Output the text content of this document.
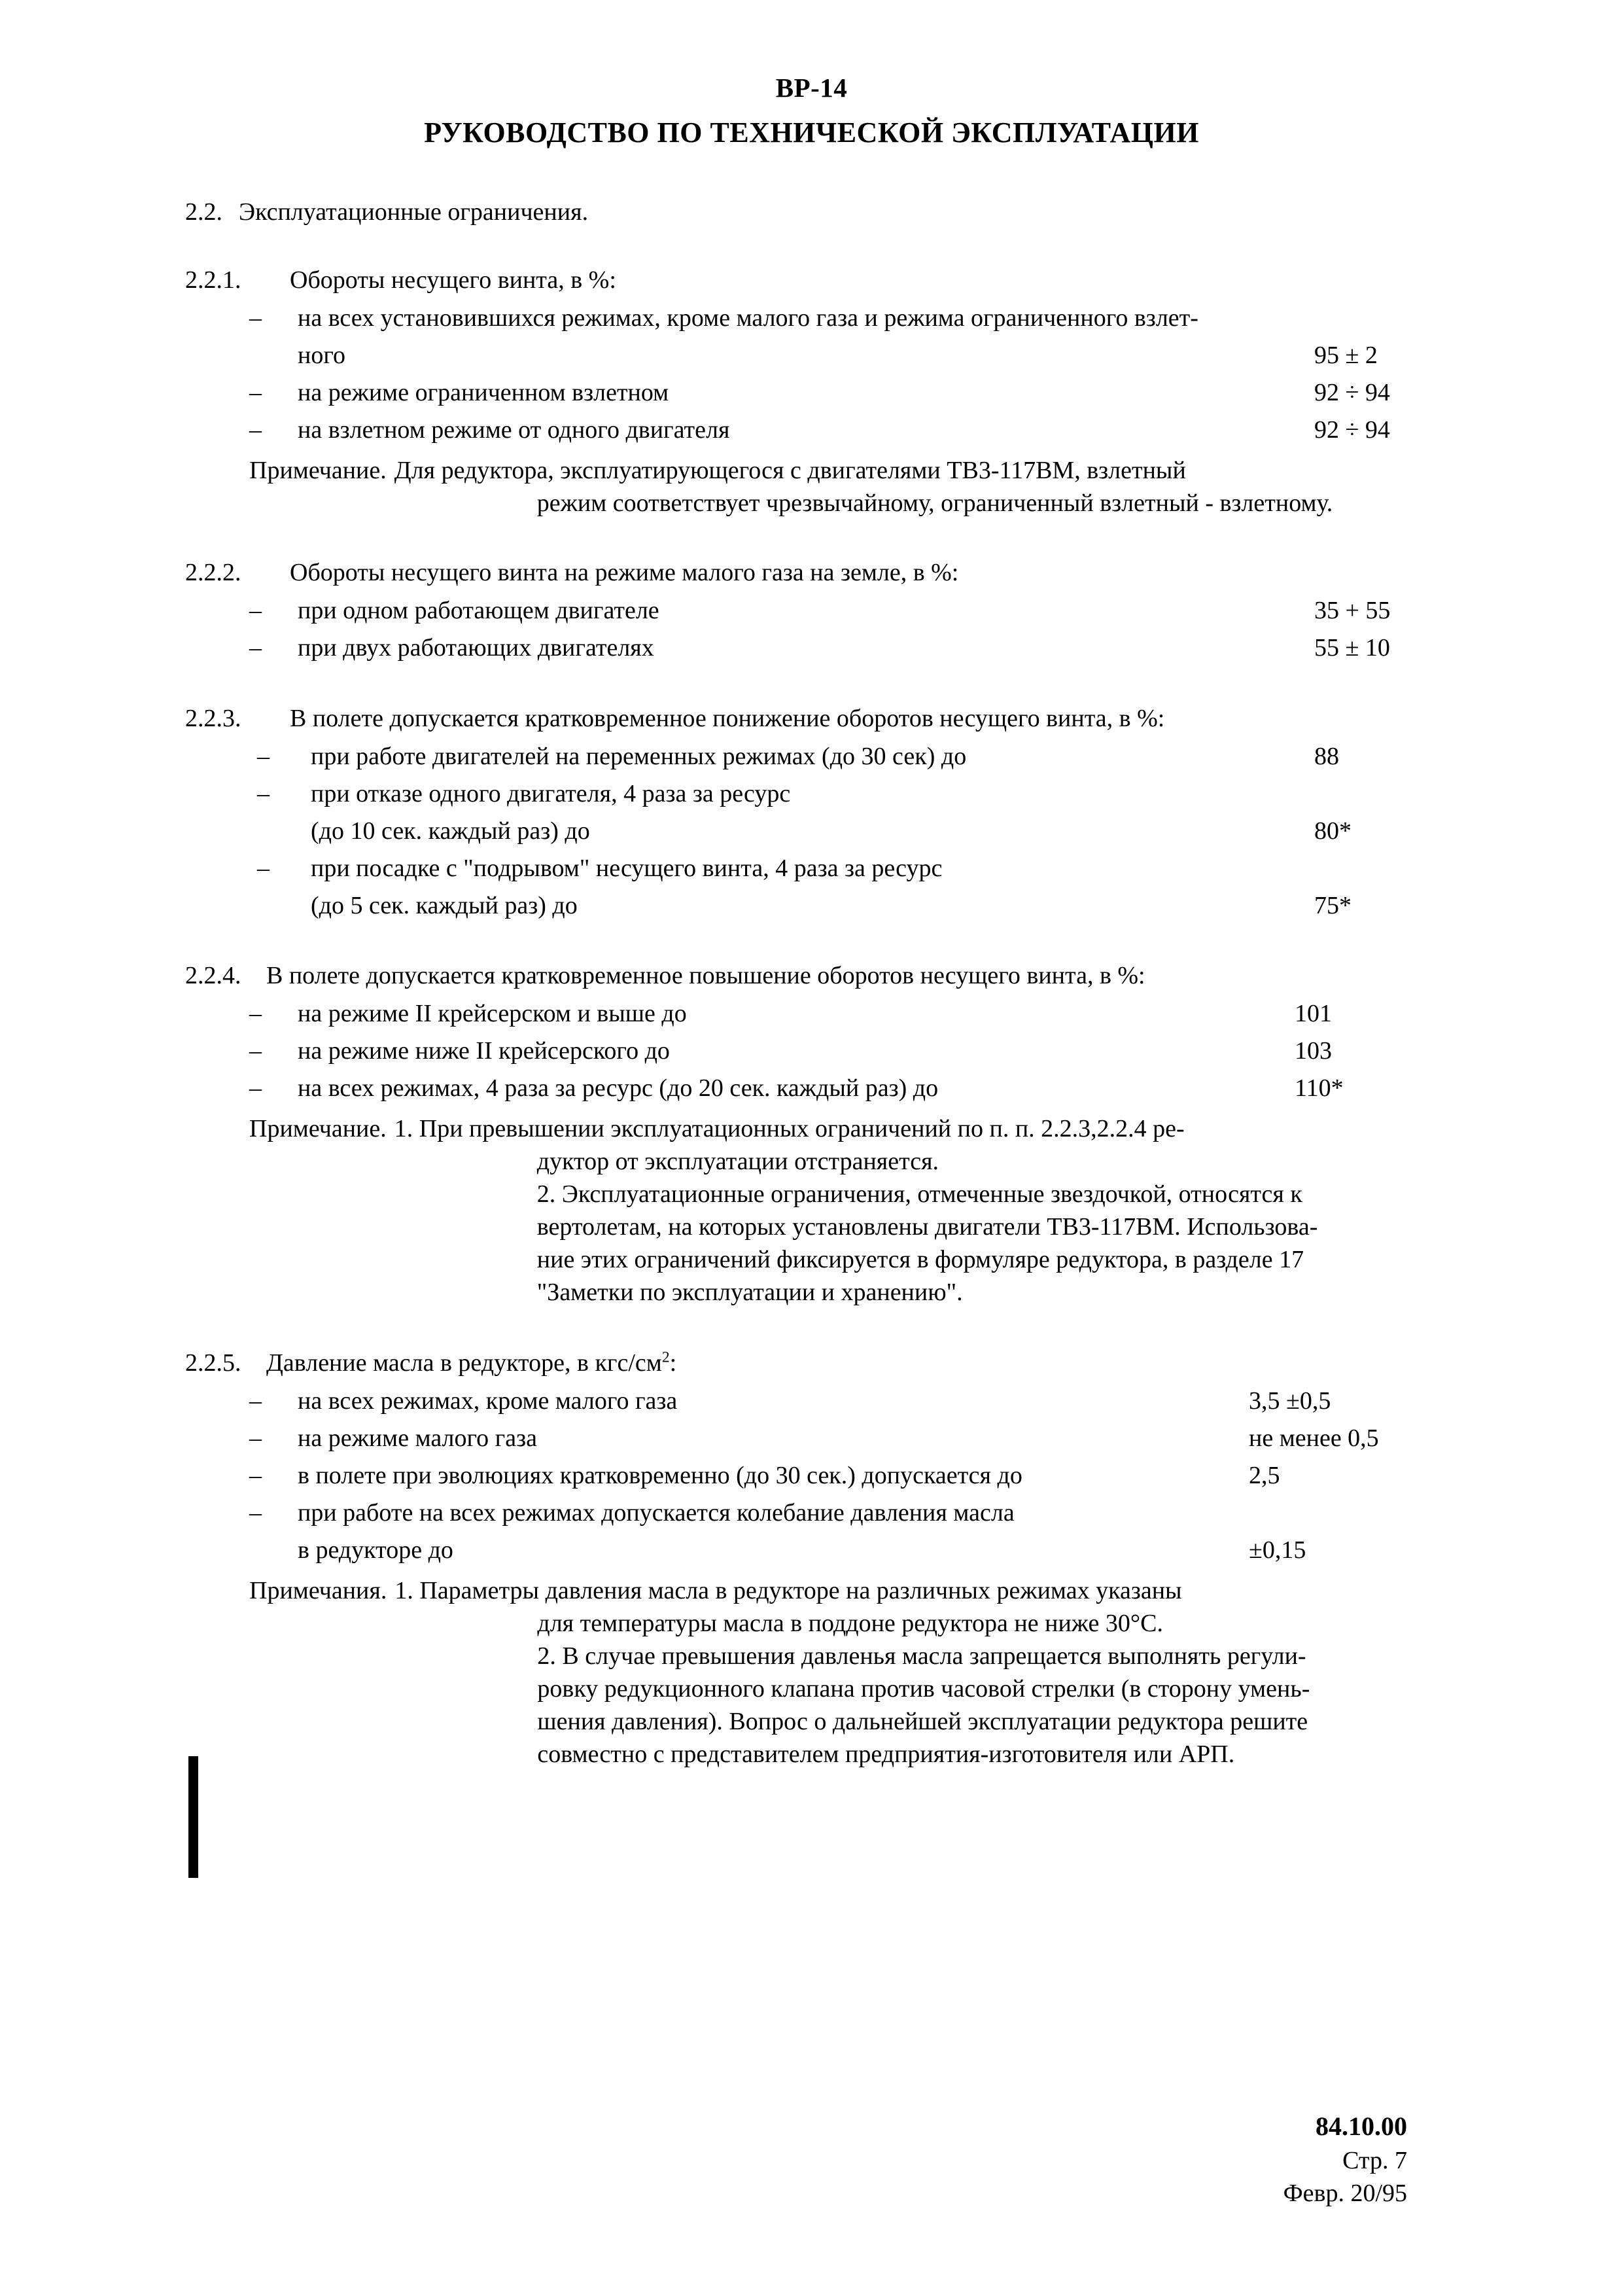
ВР-14
РУКОВОДСТВО ПО ТЕХНИЧЕСКОЙ ЭКСПЛУАТАЦИИ
2.2. Эксплуатационные ограничения.
2.2.1.	Обороты несущего винта, в %:
–	на всех установившихся режимах, кроме малого газа и режима ограниченного взлет-
ного	95 ± 2
–	на режиме ограниченном взлетном	92 ÷ 94
–	на взлетном режиме от одного двигателя	92 ÷ 94
Примечание. Для редуктора, эксплуатирующегося с двигателями ТВ3-117ВМ, взлетный

режим соответствует чрезвычайному, ограниченный взлетный - взлетному.

2.2.2.	Обороты несущего винта на режиме малого газа на земле, в %:
–	при одном работающем двигателе	35 + 55
–	при двух работающих двигателях	55 ± 10
2.2.3.	В полете допускается кратковременное понижение оборотов несущего винта, в %:
–	при работе двигателей на переменных режимах (до 30 сек) до	88
–	при отказе одного двигателя, 4 раза за ресурс
(до 10 сек. каждый раз) до	80*
–	при посадке с "подрывом" несущего винта, 4 раза за ресурс
(до 5 сек. каждый раз) до	75*
2.2.4.	В полете допускается кратковременное повышение оборотов несущего винта, в %:
–	на режиме II крейсерском и выше до	101
–	на режиме ниже II крейсерского до	103
–	на всех режимах, 4 раза за ресурс (до 20 сек. каждый раз) до	110*
Примечание. 1. При превышении эксплуатационных ограничений по п. п. 2.2.3,2.2.4 ре-

дуктор от эксплуатации отстраняется.

2. Эксплуатационные ограничения, отмеченные звездочкой, относятся к

вертолетам, на которых установлены двигатели ТВ3-117ВМ. Использова-

ние этих ограничений фиксируется в формуляре редуктора, в разделе 17

"Заметки по эксплуатации и хранению".

2.2.5.	Давление масла в редукторе, в кгс/$см^2$:
–	на всех режимах, кроме малого газа	3,5 ±0,5
–	на режиме малого газа	не менее 0,5
–	в полете при эволюциях кратковременно (до 30 сек.) допускается до	2,5
–	при работе на всех режимах допускается колебание давления масла
в редукторе до	±0,15
Примечания. 1. Параметры давления масла в редукторе на различных режимах указаны

для температуры масла в поддоне редуктора не ниже 30°С.

2. В случае превышения давленья масла запрещается выполнять регули-

ровку редукционного клапана против часовой стрелки (в сторону умень-

шения давления). Вопрос о дальнейшей эксплуатации редуктора решите

совместно с представителем предприятия-изготовителя или АРП.

84.10.00
Стр. 7
Февр. 20/95
